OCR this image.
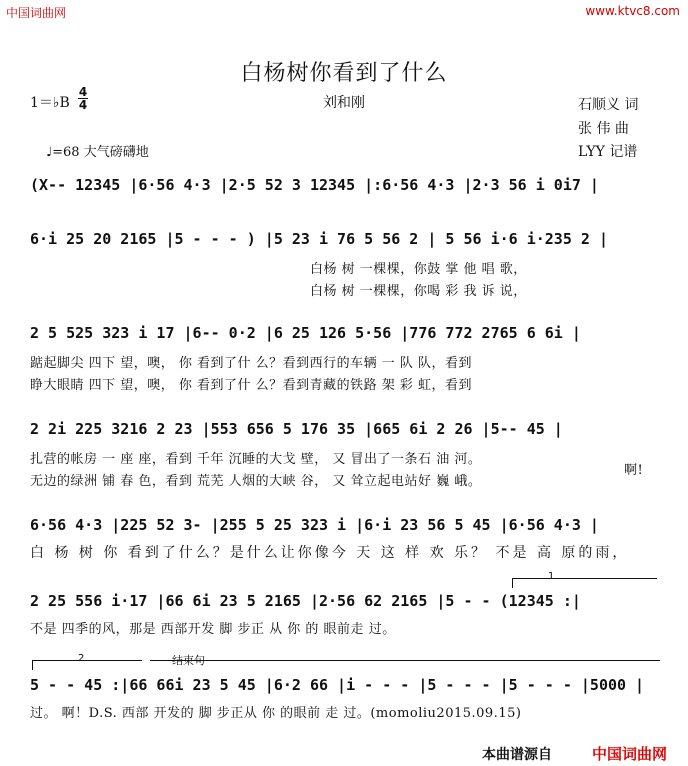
中国词曲网	www.ktvc8.com
白杨树你看到了什么
刘和刚
1＝♭B
4
4	石顺义 词
张 伟 曲
LYY 记谱
♩=68 大气磅礴地
(X-- 12345 |6·56 4·3 |2·5 52 3 12345 |:6·56 4·3 |2·3 56 i 0i7 |
6·i 25 20 2165 |5 - - - ) |5 23 i 76 5 56 2 | 5 56 i·6 i·235 2 |
白杨 树 一棵棵，你鼓 掌 他 唱 歌，
白杨 树 一棵棵，你喝 彩 我 诉 说，
2 5 525 323 i 17 |6-- 0·2 |6 25 126 5·56 |776 772 2765 6 6i |
踮起脚尖 四下 望，噢， 你 看到了什 么？看到西行的车辆 一 队 队，看到
睁大眼睛 四下 望，噢， 你 看到了什 么？看到青藏的铁路 架 彩 虹，看到
2 2i 225 3216 2 23 |553 656 5 176 35 |665 6i 2 26 |5-- 45 |
扎营的帐房 一 座 座，看到 千年 沉睡的大戈 壁， 又 冒出了一条石 油 河。
无边的绿洲 铺 春 色，看到 荒芜 人烟的大峡 谷， 又 耸立起电站好 巍 峨。
啊!
6·56 4·3 |225 52 3- |255 5 25 323 i |6·i 23 56 5 45 |6·56 4·3 |
白 杨 树 你 看到了什么？是什么让你像今 天 这 样 欢 乐？ 不是 高 原的雨，
1
2 25 556 i·17 |66 6i 23 5 2165 |2·56 62 2165 |5 - - (12345 :|
不是 四季的风，那是 西部开发 脚 步正 从 你 的 眼前走 过。
2	结束句
5 - - 45 :|66 66i 23 5 45 |6·2 66 |i - - - |5 - - - |5 - - - |5000 |
过。 啊！D.S. 西部 开发的 脚 步正从 你 的眼前 走 过。(momoliu2015.09.15)
本曲谱源自	中国词曲网
